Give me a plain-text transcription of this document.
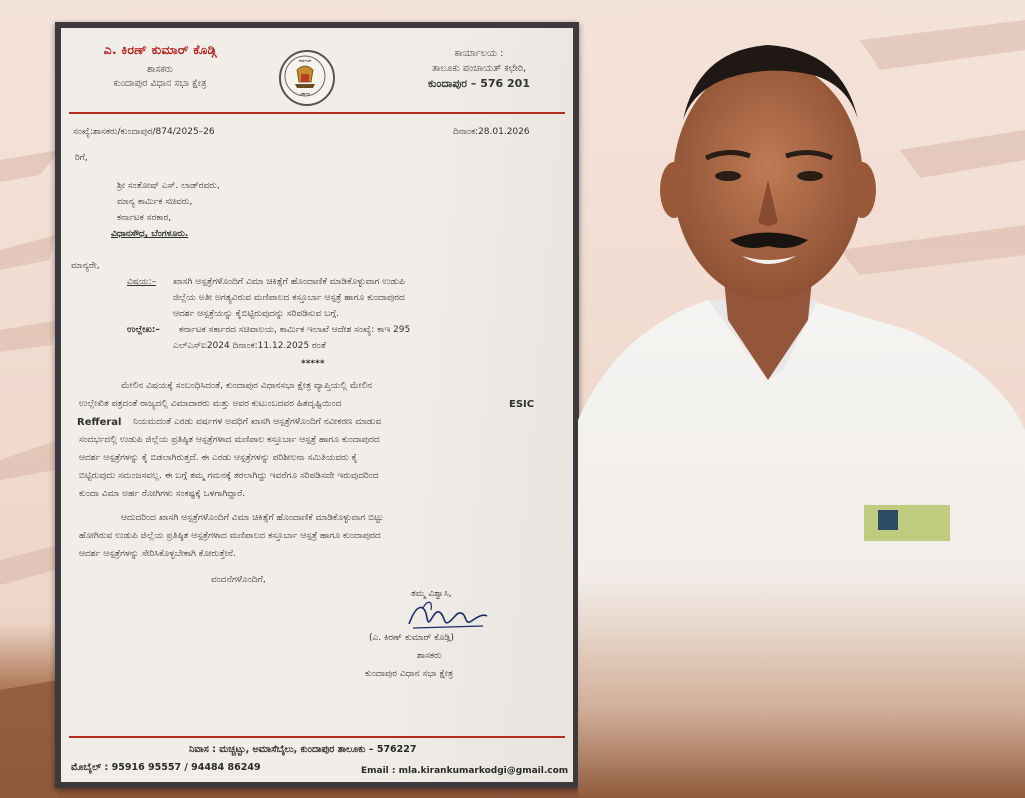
ಎ. ಕಿರಣ್ ಕುಮಾರ್ ಕೊಡ್ಗಿ
ಶಾಸಕರು
ಕುಂದಾಪುರ ವಿಧಾನ ಸಭಾ ಕ್ಷೇತ್ರ
ಕರ್ನಾಟಕ
ಸರ್ಕಾರ
ಕಾರ್ಯಾಲಯ :
ತಾಲೂಕು ಪಂಚಾಯತ್ ಕಛೇರಿ,
ಕುಂದಾಪುರ – 576 201
ಸಂಖ್ಯೆ:ಶಾಸಕರು/ಕುಂದಾಪುರ/874/2025–26	ದಿನಾಂಕ:28.01.2026
ರಿಗೆ,
ಶ್ರೀ ಸಂತೋಷ್ ಎಸ್. ಲಾಡ್‌ರವರು,
ಮಾನ್ಯ ಕಾರ್ಮಿಕ ಸಚಿವರು,
ಕರ್ನಾಟಕ ಸರಕಾರ,
ವಿಧಾನಸೌಧ, ಬೆಂಗಳೂರು.
ಮಾನ್ಯರೇ,
ವಿಷಯ:– ಖಾಸಗಿ ಆಸ್ಪತ್ರೆಗಳೊಂದಿಗೆ ವಿಮಾ ಚಿಕಿತ್ಸೆಗೆ ಹೊಂದಾಣಿಕೆ ಮಾಡಿಕೊಳ್ಳುವಾಗ ಉಡುಪಿ
ಜಿಲ್ಲೆಯ ಅತೀ ಅಗತ್ಯವಿರುವ ಮಣಿಪಾಲದ ಕಸ್ತೂರ್ಬಾ ಆಸ್ಪತ್ರೆ ಹಾಗೂ ಕುಂದಾಪುರದ
ಆದರ್ಶ ಆಸ್ಪತ್ರೆಯನ್ನು ಕೈಬಿಟ್ಟಿರುವುದನ್ನು ಸರಿಪಡಿಸುವ ಬಗ್ಗೆ.
ಉಲ್ಲೇಖ:– ಕರ್ನಾಟಕ ಸರ್ಕಾರದ ಸಚಿವಾಲಯ, ಕಾರ್ಮಿಕ ಇಲಾಖೆ ಆದೇಶ ಸಂಖ್ಯೆ: ಕಾಇ 295
ಎಲ್‌ಎಸ್‌ಐ2024 ದಿನಾಂಕ:11.12.2025 ರಂತೆ
*****
ಮೇಲಿನ ವಿಷಯಕ್ಕೆ ಸಂಬಂಧಿಸಿದಂತೆ, ಕುಂದಾಪುರ ವಿಧಾನಸಭಾ ಕ್ಷೇತ್ರ ವ್ಯಾಪ್ತಿಯಲ್ಲಿ ಮೇಲಿನ
ಉಲ್ಲೇಖಿತ ಪತ್ರದಂತೆ ರಾಜ್ಯದಲ್ಲಿ ವಿಮಾದಾರರು ಮತ್ತು ಅವರ ಕುಟುಂಬದವರ ಹಿತದೃಷ್ಟಿಯಿಂದ	ESIC
Refferal ನಿಯಮದಂತೆ ಎರಡು ವರ್ಷಗಳ ಅವಧಿಗೆ ಖಾಸಗಿ ಆಸ್ಪತ್ರೆಗಳೊಂದಿಗೆ ನವೀಕರಣ ಮಾಡುವ
ಸಂದರ್ಭದಲ್ಲಿ ಉಡುಪಿ ಜಿಲ್ಲೆಯ ಪ್ರತಿಷ್ಠಿತ ಆಸ್ಪತ್ರೆಗಳಾದ ಮಣಿಪಾಲ ಕಸ್ತೂರ್ಬಾ ಆಸ್ಪತ್ರೆ ಹಾಗೂ ಕುಂದಾಪುರದ
ಆದರ್ಶ ಆಸ್ಪತ್ರೆಗಳನ್ನು ಕೈ ಬಿಡಲಾಗಿರುತ್ತದೆ. ಈ ಎರಡು ಆಸ್ಪತ್ರೆಗಳನ್ನು ಪರಿಶೀಲನಾ ಸಮಿತಿಯವರು ಕೈ
ಬಿಟ್ಟಿರುವುದು ಸಮಂಜಸವಲ್ಲ. ಈ ಬಗ್ಗೆ ತಮ್ಮ ಗಮನಕ್ಕೆ ತರಲಾಗಿದ್ದು ಇವರೆಗೂ ಸರಿಪಡಿಸದೇ ಇರುವುದರಿಂದ
ಕುಂದಾ ವಿಮಾ ಅರ್ಹ ರೋಗಿಗಳು ಸಂಕಷ್ಟಕ್ಕೆ ಒಳಗಾಗಿದ್ದಾರೆ.
ಆದುದರಿಂದ ಖಾಸಗಿ ಆಸ್ಪತ್ರೆಗಳೊಂದಿಗೆ ವಿಮಾ ಚಿಕಿತ್ಸೆಗೆ ಹೊಂದಾಣಿಕೆ ಮಾಡಿಕೊಳ್ಳುವಾಗ ಬಿಟ್ಟು
ಹೋಗಿರುವ ಉಡುಪಿ ಜಿಲ್ಲೆಯ ಪ್ರತಿಷ್ಠಿತ ಆಸ್ಪತ್ರೆಗಳಾದ ಮಣಿಪಾಲದ ಕಸ್ತೂರ್ಬಾ ಆಸ್ಪತ್ರೆ ಹಾಗೂ ಕುಂದಾಪುರದ
ಆದರ್ಶ ಆಸ್ಪತ್ರೆಗಳನ್ನು ಸೇರಿಸಿಕೊಳ್ಳಬೇಕಾಗಿ ಕೋರುತ್ತೇನೆ.
ವಂದನೆಗಳೊಂದಿಗೆ,
ತಮ್ಮ ವಿಶ್ವಾಸಿ,
(ಎ. ಕಿರಣ್ ಕುಮಾರ್ ಕೊಡ್ಗಿ)
ಶಾಸಕರು
ಕುಂದಾಪುರ ವಿಧಾನ ಸಭಾ ಕ್ಷೇತ್ರ
ನಿವಾಸ : ಮಚ್ಚಟ್ಟು, ಅಮಾಸೆಬೈಲು, ಕುಂದಾಪುರ ತಾಲೂಕು – 576227
ಮೊಬೈಲ್ : 95916 95557 / 94484 86249	Email : mla.kirankumarkodgi@gmail.com
